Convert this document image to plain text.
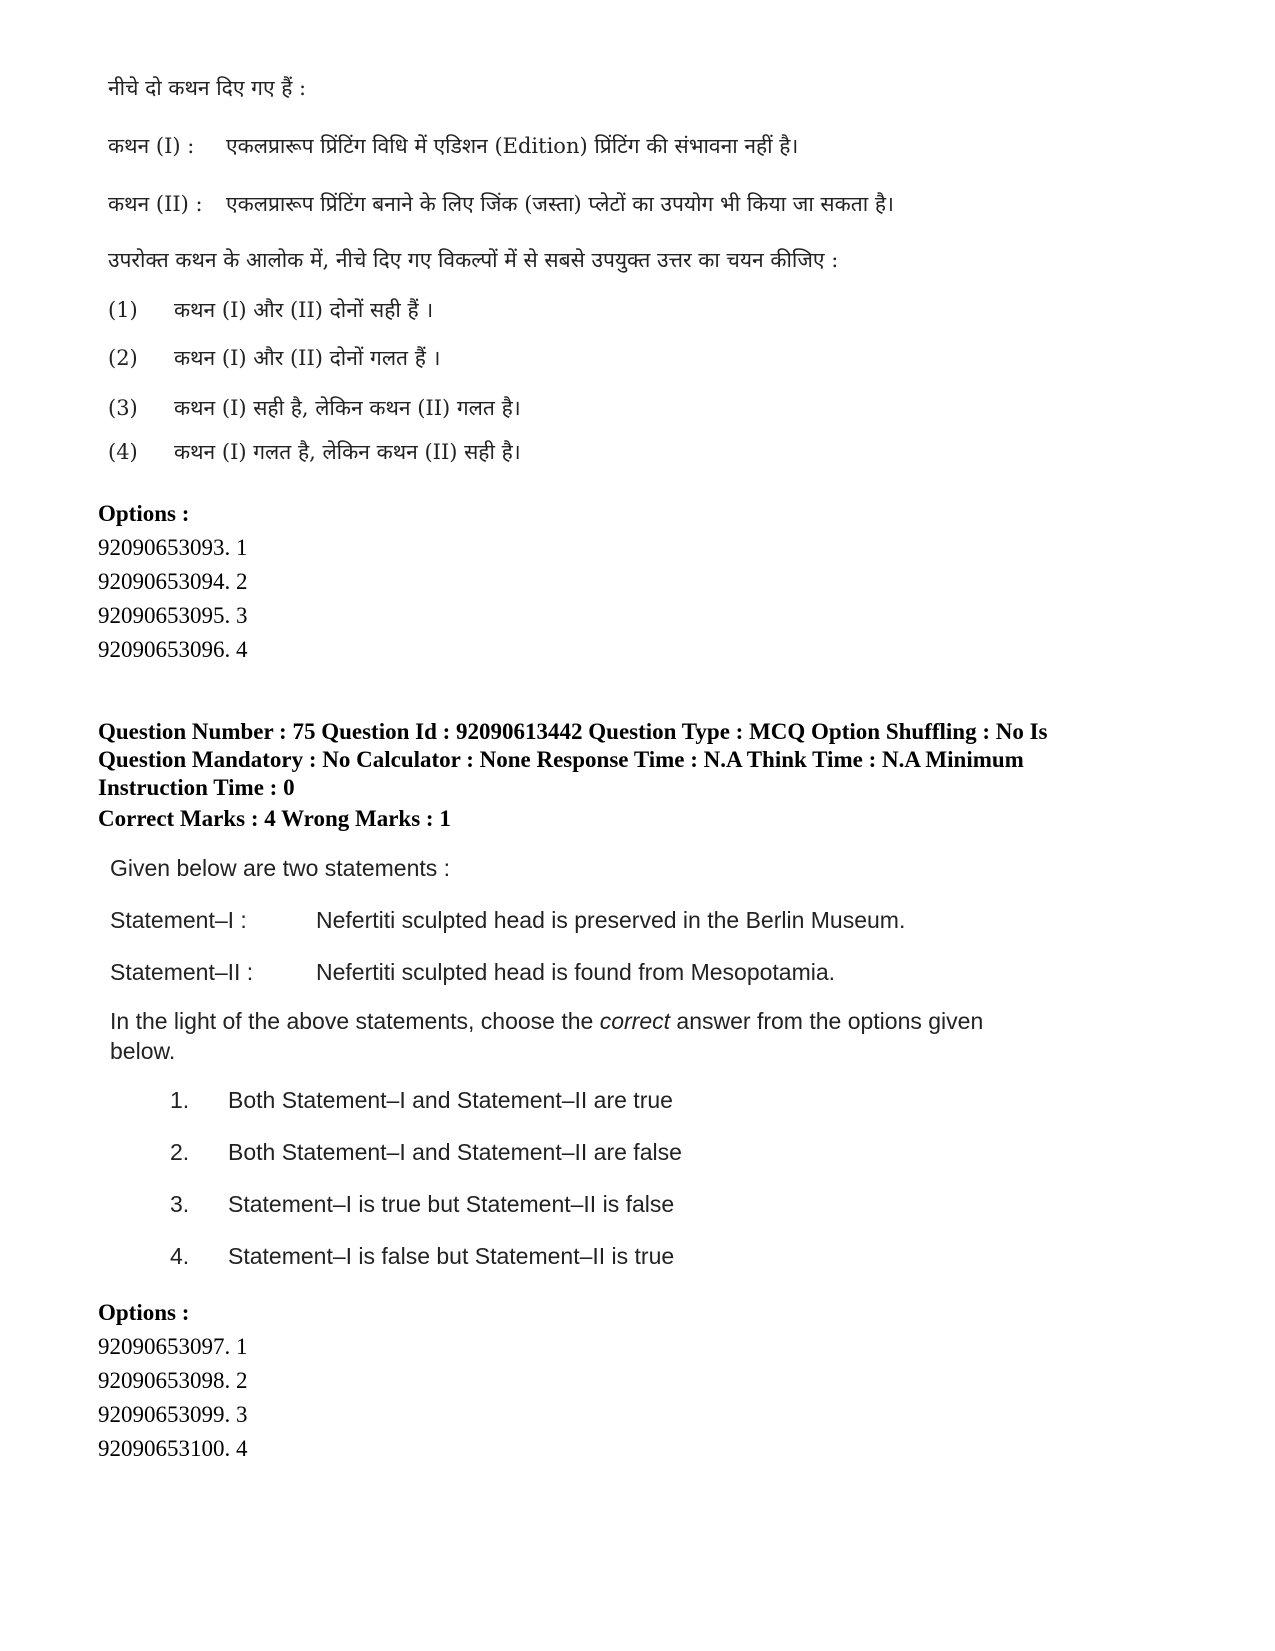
नीचे दो कथन दिए गए हैं :
कथन (I) : एकलप्रारूप प्रिंटिंग विधि में एडिशन (Edition) प्रिंटिंग की संभावना नहीं है।
कथन (II) : एकलप्रारूप प्रिंटिंग बनाने के लिए जिंक (जस्ता) प्लेटों का उपयोग भी किया जा सकता है।
उपरोक्त कथन के आलोक में, नीचे दिए गए विकल्पों में से सबसे उपयुक्त उत्तर का चयन कीजिए :
(1) कथन (I) और (II) दोनों सही हैं ।
(2) कथन (I) और (II) दोनों गलत हैं ।
(3) कथन (I) सही है, लेकिन कथन (II) गलत है।
(4) कथन (I) गलत है, लेकिन कथन (II) सही है।
Options :
92090653093. 1
92090653094. 2
92090653095. 3
92090653096. 4
Question Number : 75 Question Id : 92090613442 Question Type : MCQ Option Shuffling : No Is
Question Mandatory : No Calculator : None Response Time : N.A Think Time : N.A Minimum
Instruction Time : 0
Correct Marks : 4 Wrong Marks : 1
Given below are two statements :
Statement–I :	Nefertiti sculpted head is preserved in the Berlin Museum.
Statement–II :	Nefertiti sculpted head is found from Mesopotamia.
In the light of the above statements, choose the correct answer from the options given below.
1. Both Statement–I and Statement–II are true
2. Both Statement–I and Statement–II are false
3. Statement–I is true but Statement–II is false
4. Statement–I is false but Statement–II is true
Options :
92090653097. 1
92090653098. 2
92090653099. 3
92090653100. 4
